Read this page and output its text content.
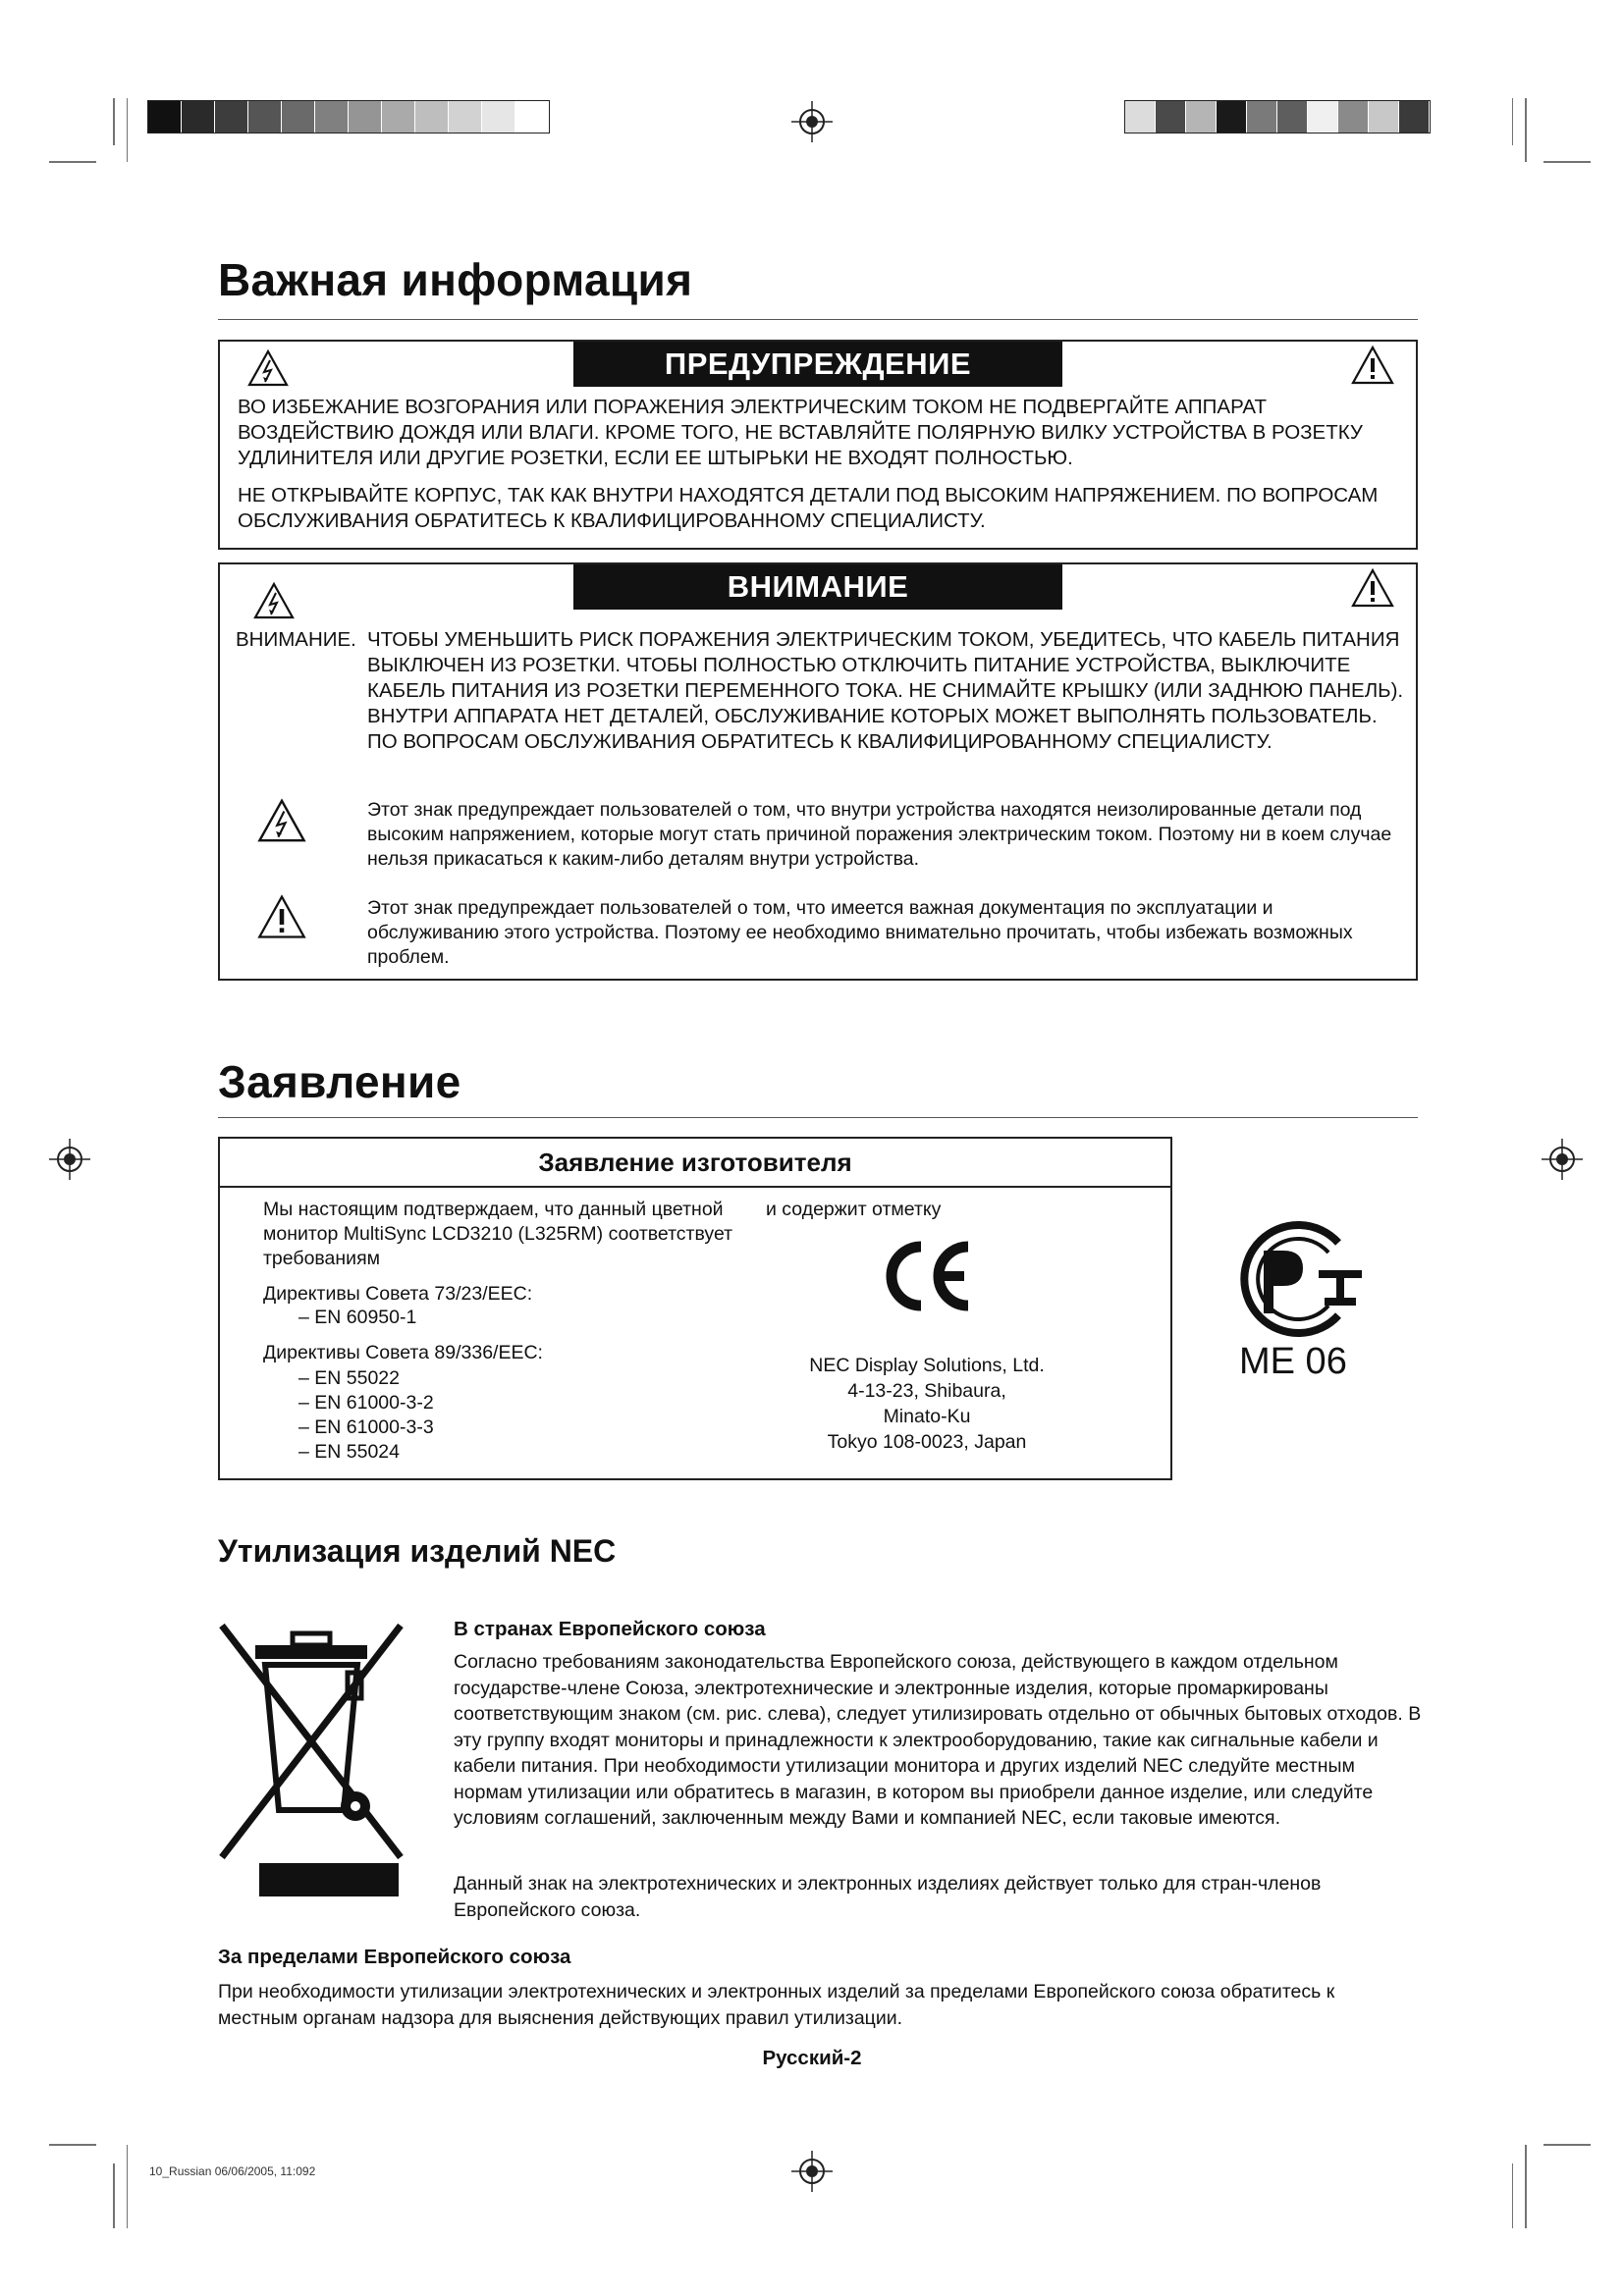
Важная информация
ПРЕДУПРЕЖДЕНИЕ
ВО ИЗБЕЖАНИЕ ВОЗГОРАНИЯ ИЛИ ПОРАЖЕНИЯ ЭЛЕКТРИЧЕСКИМ ТОКОМ НЕ ПОДВЕРГАЙТЕ АППАРАТ ВОЗДЕЙСТВИЮ ДОЖДЯ ИЛИ ВЛАГИ. КРОМЕ ТОГО, НЕ ВСТАВЛЯЙТЕ ПОЛЯРНУЮ ВИЛКУ УСТРОЙСТВА В РОЗЕТКУ УДЛИНИТЕЛЯ ИЛИ ДРУГИЕ РОЗЕТКИ, ЕСЛИ ЕЕ ШТЫРЬКИ НЕ ВХОДЯТ ПОЛНОСТЬЮ.
НЕ ОТКРЫВАЙТЕ КОРПУС, ТАК КАК ВНУТРИ НАХОДЯТСЯ ДЕТАЛИ ПОД ВЫСОКИМ НАПРЯЖЕНИЕМ. ПО ВОПРОСАМ ОБСЛУЖИВАНИЯ ОБРАТИТЕСЬ К КВАЛИФИЦИРОВАННОМУ СПЕЦИАЛИСТУ.
ВНИМАНИЕ
ВНИМАНИЕ. ЧТОБЫ УМЕНЬШИТЬ РИСК ПОРАЖЕНИЯ ЭЛЕКТРИЧЕСКИМ ТОКОМ, УБЕДИТЕСЬ, ЧТО КАБЕЛЬ ПИТАНИЯ ВЫКЛЮЧЕН ИЗ РОЗЕТКИ. ЧТОБЫ ПОЛНОСТЬЮ ОТКЛЮЧИТЬ ПИТАНИЕ УСТРОЙСТВА, ВЫКЛЮЧИТЕ КАБЕЛЬ ПИТАНИЯ ИЗ РОЗЕТКИ ПЕРЕМЕННОГО ТОКА. НЕ СНИМАЙТЕ КРЫШКУ (ИЛИ ЗАДНЮЮ ПАНЕЛЬ). ВНУТРИ АППАРАТА НЕТ ДЕТАЛЕЙ, ОБСЛУЖИВАНИЕ КОТОРЫХ МОЖЕТ ВЫПОЛНЯТЬ ПОЛЬЗОВАТЕЛЬ. ПО ВОПРОСАМ ОБСЛУЖИВАНИЯ ОБРАТИТЕСЬ К КВАЛИФИЦИРОВАННОМУ СПЕЦИАЛИСТУ.
Этот знак предупреждает пользователей о том, что внутри устройства находятся неизолированные детали под высоким напряжением, которые могут стать причиной поражения электрическим током. Поэтому ни в коем случае нельзя прикасаться к каким-либо деталям внутри устройства.
Этот знак предупреждает пользователей о том, что имеется важная документация по эксплуатации и обслуживанию этого устройства. Поэтому ее необходимо внимательно прочитать, чтобы избежать возможных проблем.
Заявление
Заявление изготовителя
Мы настоящим подтверждаем, что данный цветной монитор MultiSync LCD3210 (L325RM) соответствует требованиям
Директивы Совета 73/23/EEC:
– EN 60950-1
Директивы Совета 89/336/EEC:
– EN 55022
– EN 61000-3-2
– EN 61000-3-3
– EN 55024
и содержит отметку
NEC Display Solutions, Ltd.
4-13-23, Shibaura,
Minato-Ku
Tokyo 108-0023, Japan
ME 06
Утилизация изделий NEC
В странах Европейского союза
Согласно требованиям законодательства Европейского союза, действующего в каждом отдельном государстве-члене Союза, электротехнические и электронные изделия, которые промаркированы соответствующим знаком (см. рис. слева), следует утилизировать отдельно от обычных бытовых отходов. В эту группу входят мониторы и принадлежности к электрооборудованию, такие как сигнальные кабели и кабели питания. При необходимости утилизации монитора и других изделий NEC следуйте местным нормам утилизации или обратитесь в магазин, в котором вы приобрели данное изделие, или следуйте условиям соглашений, заключенным между Вами и компанией NEC, если таковые имеются.
Данный знак на электротехнических и электронных изделиях действует только для стран-членов Европейского союза.
За пределами Европейского союза
При необходимости утилизации электротехнических и электронных изделий за пределами Европейского союза обратитесь к местным органам надзора для выяснения действующих правил утилизации.
Русский-2
10_Russian 06/06/2005, 11:092
